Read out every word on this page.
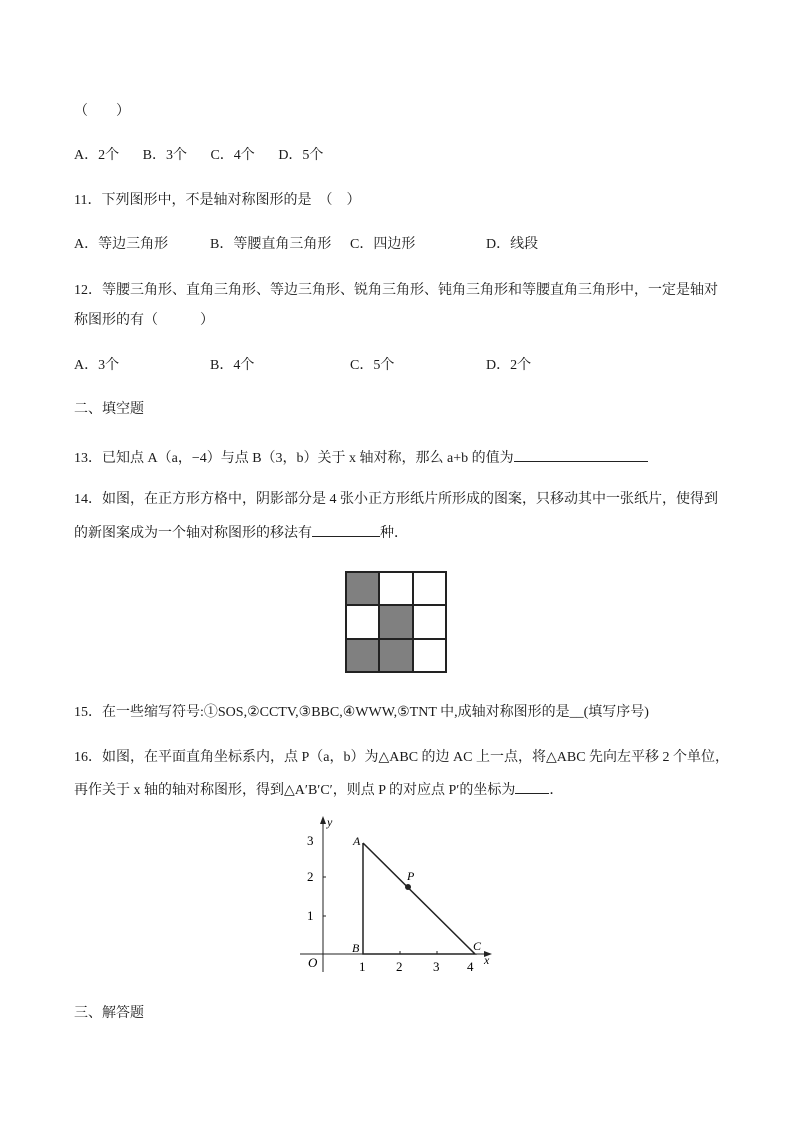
（　　）
A．2个 B．3个 C．4个 D．5个
11．下列图形中，不是轴对称图形的是　（　）
A．等边三角形	B．等腰直角三角形 C．四边形	D．线段
12．等腰三角形、直角三角形、等边三角形、锐角三角形、钝角三角形和等腰直角三角形中，一定是轴对
称图形的有（　　　）
A．3个	B．4个	C．5个	D．2个
二、填空题
13．已知点 A（a，−4）与点 B（3，b）关于 x 轴对称，那么 a+b 的值为
14．如图，在正方形方格中，阴影部分是 4 张小正方形纸片所形成的图案，只移动其中一张纸片，使得到
的新图案成为一个轴对称图形的移法有	种．
15．在一些缩写符号:①SOS,②CCTV,③BBC,④WWW,⑤TNT 中,成轴对称图形的是__(填写序号)
16．如图，在平面直角坐标系内，点 P（a，b）为△ABC 的边 AC 上一点，将△ABC 先向左平移 2 个单位，
再作关于 x 轴的轴对称图形，得到△A′B′C′，则点 P 的对应点 P′的坐标为 ．
x
y
O	1 2 3 4
1
2
3	A
B	C
P
三、解答题
